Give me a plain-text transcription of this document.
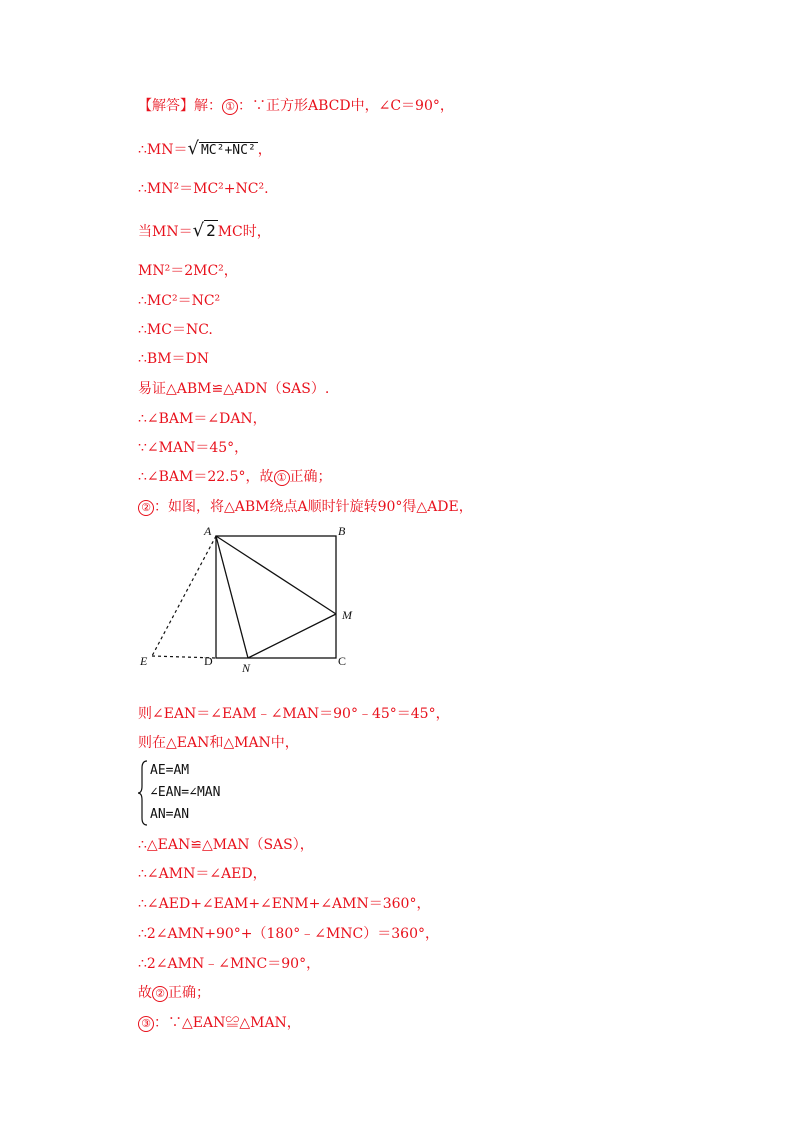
【解答】解： ① ：∵正方形ABCD中，∠C＝90°，
∴MN＝√ MC²+NC² ，
∴MN²＝MC²+NC².
当MN＝√ 2 MC时，
MN²＝2MC²，
∴MC²＝NC²
∴MC＝NC.
∴BM＝DN
易证△ABM≌△ADN（SAS）.
∴∠BAM＝∠DAN，
∵∠MAN＝45°，
∴∠BAM＝22.5°，故 ① 正确；
② ：如图，将△ABM绕点A顺时针旋转90°得△ADE，
A	B
C
D
E
M
N
则∠EAN＝∠EAM﹣∠MAN＝90°﹣45°＝45°，
则在△EAN和△MAN中，
AE=AM
∠EAN=∠MAN
AN=AN
∴△EAN≌△MAN（SAS），
∴∠AMN＝∠AED，
∴∠AED+∠EAM+∠ENM+∠AMN＝360°，
∴2∠AMN+90°+（180°﹣∠MNC）＝360°，
∴2∠AMN﹣∠MNC＝90°，
故 ② 正确；
③ ：∵△EAN≌△MAN，
